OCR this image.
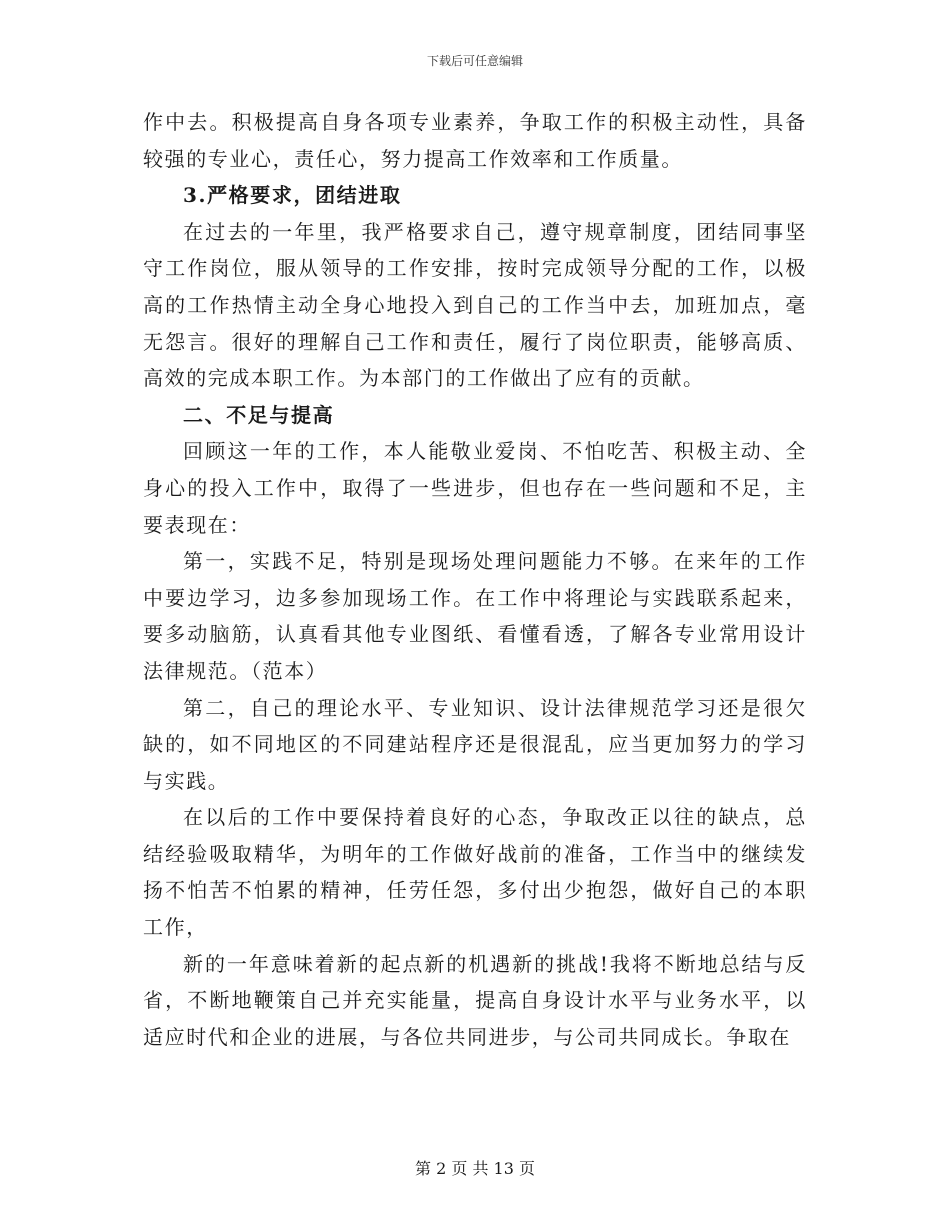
下载后可任意编辑

作中去。积极提高自身各项专业素养，争取工作的积极主动性，具备较强的专业心，责任心，努力提高工作效率和工作质量。

3.严格要求，团结进取

在过去的一年里，我严格要求自己，遵守规章制度，团结同事坚守工作岗位，服从领导的工作安排，按时完成领导分配的工作，以极高的工作热情主动全身心地投入到自己的工作当中去，加班加点，毫无怨言。很好的理解自己工作和责任，履行了岗位职责，能够高质、高效的完成本职工作。为本部门的工作做出了应有的贡献。

二、不足与提高

回顾这一年的工作，本人能敬业爱岗、不怕吃苦、积极主动、全身心的投入工作中，取得了一些进步，但也存在一些问题和不足，主要表现在：

第一，实践不足，特别是现场处理问题能力不够。在来年的工作中要边学习，边多参加现场工作。在工作中将理论与实践联系起来，要多动脑筋，认真看其他专业图纸、看懂看透，了解各专业常用设计法律规范。（范本）

第二，自己的理论水平、专业知识、设计法律规范学习还是很欠缺的，如不同地区的不同建站程序还是很混乱，应当更加努力的学习与实践。

在以后的工作中要保持着良好的心态，争取改正以往的缺点，总结经验吸取精华，为明年的工作做好战前的准备，工作当中的继续发扬不怕苦不怕累的精神，任劳任怨，多付出少抱怨，做好自己的本职工作，

新的一年意味着新的起点新的机遇新的挑战!我将不断地总结与反省，不断地鞭策自己并充实能量，提高自身设计水平与业务水平，以适应时代和企业的进展，与各位共同进步，与公司共同成长。争取在

第 2 页 共 13 页
